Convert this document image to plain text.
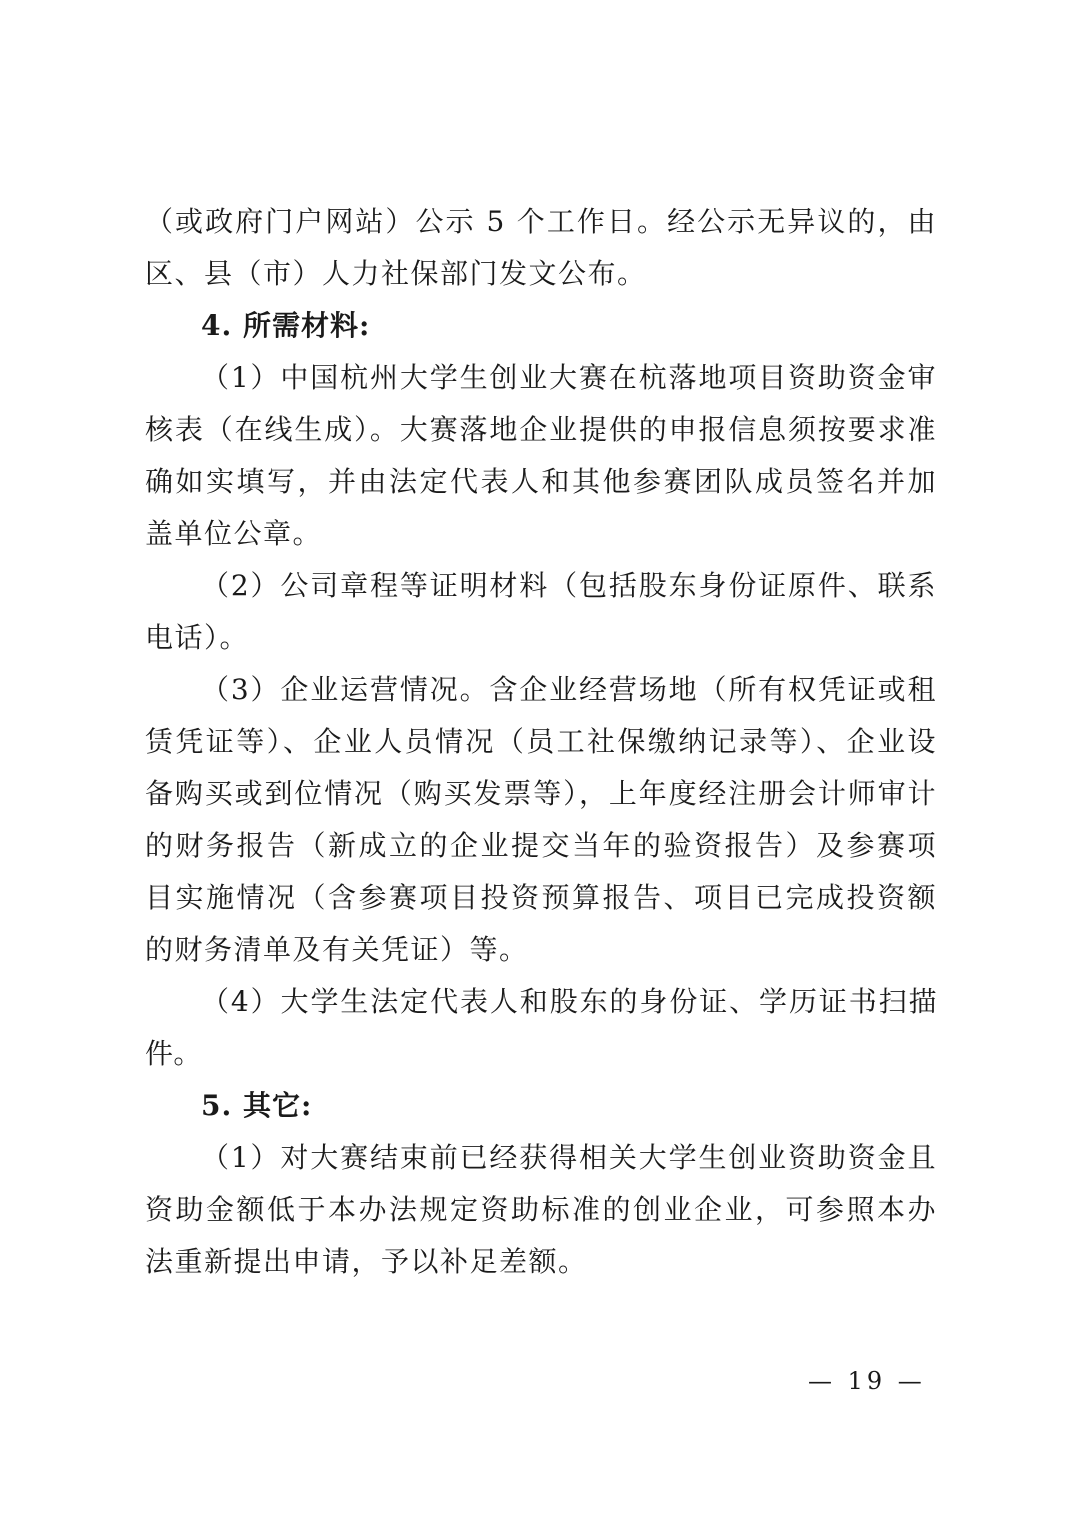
（或政府门户网站）公示 5 个工作日。经公示无异议的，由区、县（市）人力社保部门发文公布。

4. 所需材料:

（1）中国杭州大学生创业大赛在杭落地项目资助资金审核表（在线生成）。大赛落地企业提供的申报信息须按要求准确如实填写，并由法定代表人和其他参赛团队成员签名并加盖单位公章。

（2）公司章程等证明材料（包括股东身份证原件、联系电话）。

（3）企业运营情况。含企业经营场地（所有权凭证或租赁凭证等）、企业人员情况（员工社保缴纳记录等）、企业设备购买或到位情况（购买发票等），上年度经注册会计师审计的财务报告（新成立的企业提交当年的验资报告）及参赛项目实施情况（含参赛项目投资预算报告、项目已完成投资额的财务清单及有关凭证）等。

（4）大学生法定代表人和股东的身份证、学历证书扫描件。

5. 其它:

（1）对大赛结束前已经获得相关大学生创业资助资金且资助金额低于本办法规定资助标准的创业企业，可参照本办法重新提出申请，予以补足差额。

— 19 —
